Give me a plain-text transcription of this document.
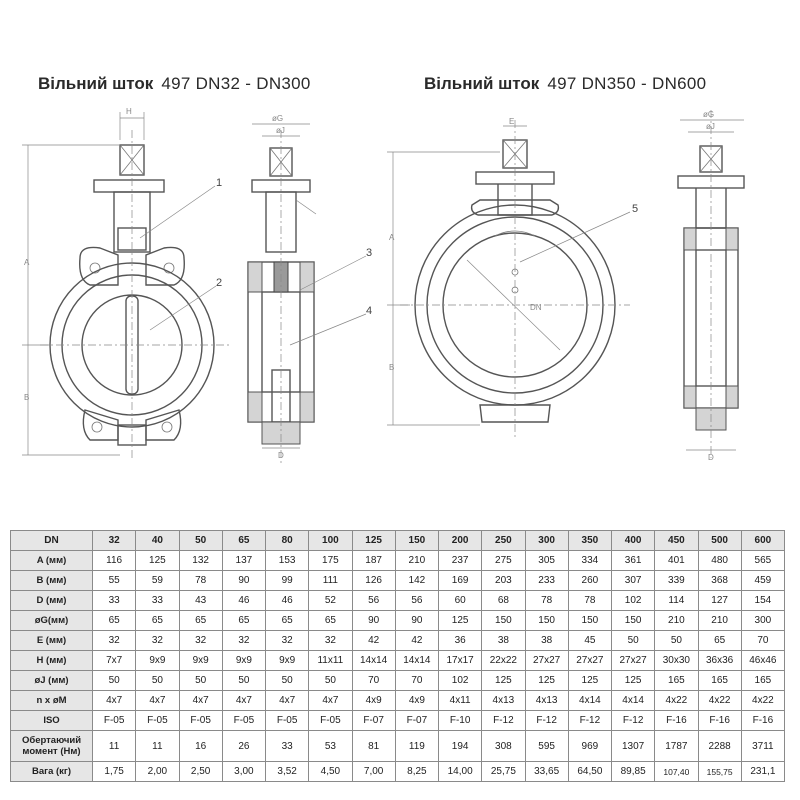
Вільний шток 497 DN32 - DN300	Вільний шток 497 DN350 - DN600
A
B
H
1
2
øG
øJ
D
3
4	DN
A
B
E
5
øG
øJ
D
DN	32	40	50	65	80	100	125	150	200	250	300	350	400	450	500	600
A (мм)	116	125	132	137	153	175	187	210	237	275	305	334	361	401	480	565
B (мм)	55	59	78	90	99	111	126	142	169	203	233	260	307	339	368	459
D (мм)	33	33	43	46	46	52	56	56	60	68	78	78	102	114	127	154
øG(мм)	65	65	65	65	65	65	90	90	125	150	150	150	150	210	210	300
E (мм)	32	32	32	32	32	32	42	42	36	38	38	45	50	50	65	70
H (мм)	7x7	9x9	9x9	9x9	9x9	11x11	14x14	14x14	17x17	22x22	27x27	27x27	27x27	30x30	36x36	46x46
øJ (мм)	50	50	50	50	50	50	70	70	102	125	125	125	125	165	165	165
n x øM	4x7	4x7	4x7	4x7	4x7	4x7	4x9	4x9	4x11	4x13	4x13	4x14	4x14	4x22	4x22	4x22
ISO	F-05	F-05	F-05	F-05	F-05	F-05	F-07	F-07	F-10	F-12	F-12	F-12	F-12	F-16	F-16	F-16
Обертаючий момент (Нм)	11	11	16	26	33	53	81	119	194	308	595	969	1307	1787	2288	3711
Вага (кг)	1,75	2,00	2,50	3,00	3,52	4,50	7,00	8,25	14,00	25,75	33,65	64,50	89,85	107,40	155,75	231,1
